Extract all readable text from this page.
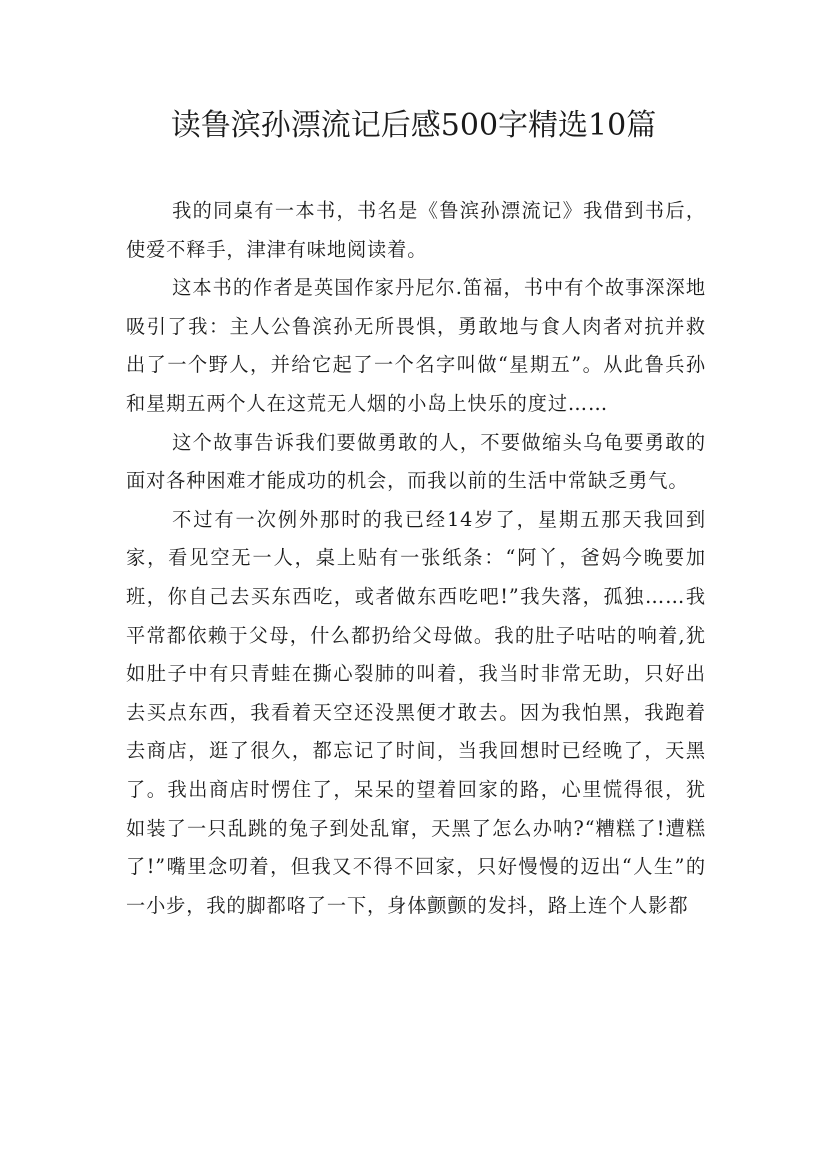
读鲁滨孙漂流记后感500字精选10篇

我的同桌有一本书，书名是《鲁滨孙漂流记》我借到书后，使爱不释手，津津有味地阅读着。

这本书的作者是英国作家丹尼尔.笛福，书中有个故事深深地吸引了我：主人公鲁滨孙无所畏惧，勇敢地与食人肉者对抗并救出了一个野人，并给它起了一个名字叫做“星期五”。从此鲁兵孙和星期五两个人在这荒无人烟的小岛上快乐的度过……

这个故事告诉我们要做勇敢的人，不要做缩头乌龟要勇敢的面对各种困难才能成功的机会，而我以前的生活中常缺乏勇气。

不过有一次例外那时的我已经14岁了，星期五那天我回到家，看见空无一人，桌上贴有一张纸条：“阿丫，爸妈今晚要加班，你自己去买东西吃，或者做东西吃吧!”我失落，孤独……我平常都依赖于父母，什么都扔给父母做。我的肚子咕咕的响着,犹如肚子中有只青蛙在撕心裂肺的叫着，我当时非常无助，只好出去买点东西，我看着天空还没黑便才敢去。因为我怕黑，我跑着去商店，逛了很久，都忘记了时间，当我回想时已经晚了，天黑了。我出商店时愣住了，呆呆的望着回家的路，心里慌得很，犹如装了一只乱跳的兔子到处乱窜，天黑了怎么办呐?“糟糕了!遭糕了!”嘴里念叨着，但我又不得不回家，只好慢慢的迈出“人生”的一小步，我的脚都咯了一下，身体颤颤的发抖，路上连个人影都
